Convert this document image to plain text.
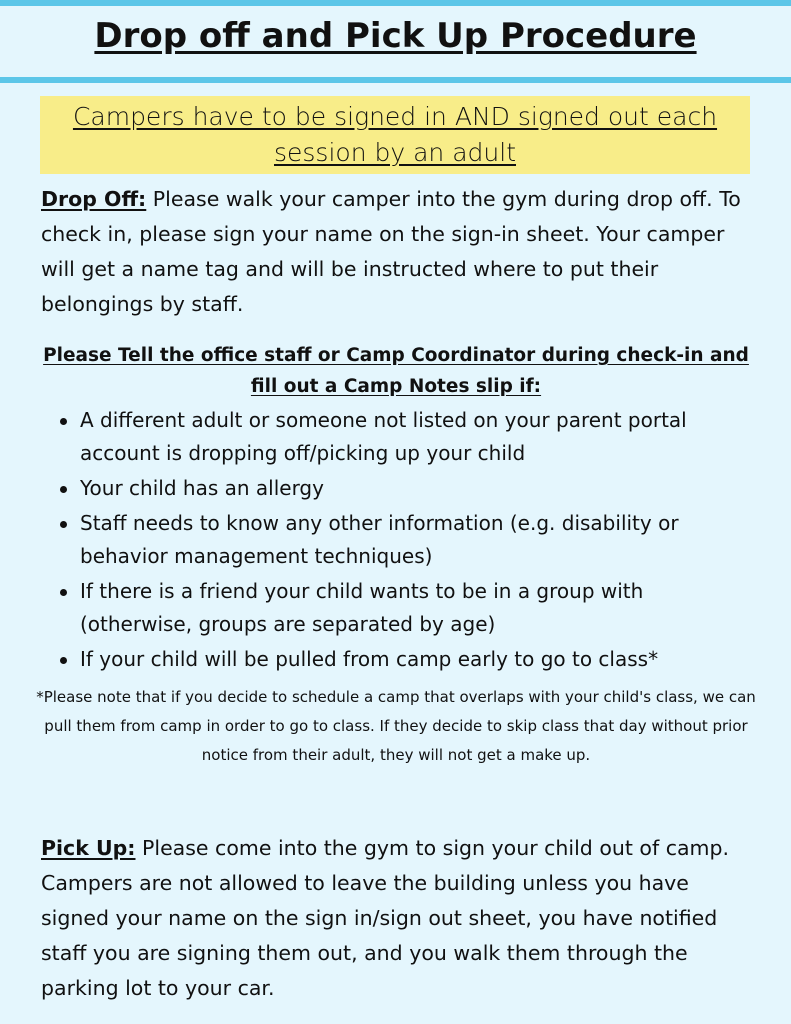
Drop off and Pick Up Procedure
Campers have to be signed in AND signed out each session by an adult
Drop Off: Please walk your camper into the gym during drop off. To check in, please sign your name on the sign-in sheet. Your camper will get a name tag and will be instructed where to put their belongings by staff.
Please Tell the office staff or Camp Coordinator during check-in and fill out a Camp Notes slip if:
A different adult or someone not listed on your parent portal account is dropping off/picking up your child
Your child has an allergy
Staff needs to know any other information (e.g. disability or behavior management techniques)
If there is a friend your child wants to be in a group with (otherwise, groups are separated by age)
If your child will be pulled from camp early to go to class*
*Please note that if you decide to schedule a camp that overlaps with your child's class, we can pull them from camp in order to go to class. If they decide to skip class that day without prior notice from their adult, they will not get a make up.
Pick Up: Please come into the gym to sign your child out of camp. Campers are not allowed to leave the building unless you have signed your name on the sign in/sign out sheet, you have notified staff you are signing them out, and you walk them through the parking lot to your car.
